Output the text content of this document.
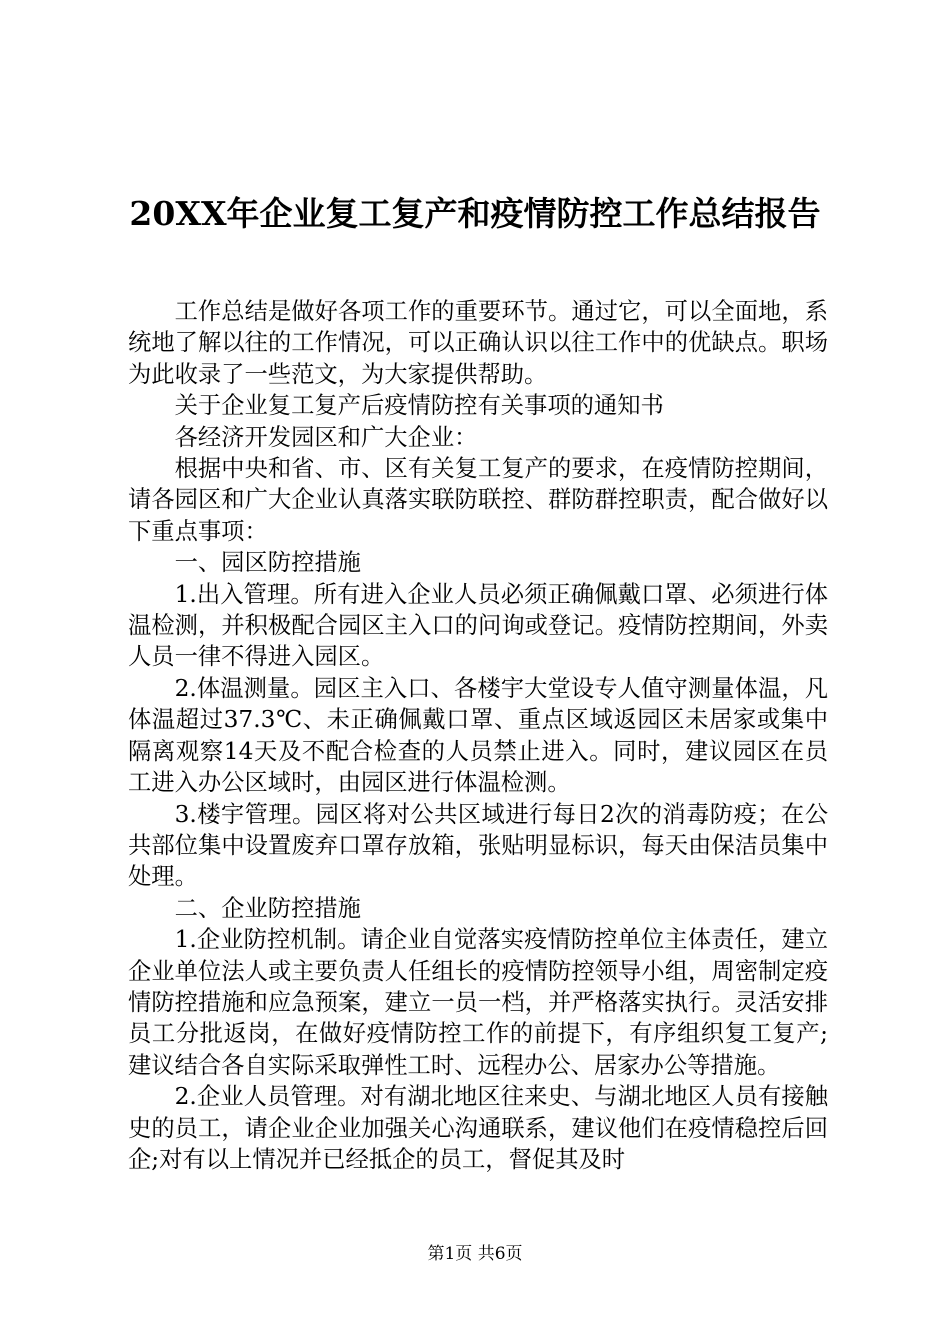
20XX年企业复工复产和疫情防控工作总结报告

工作总结是做好各项工作的重要环节。通过它，可以全面地，系统地了解以往的工作情况，可以正确认识以往工作中的优缺点。职场为此收录了一些范文，为大家提供帮助。

关于企业复工复产后疫情防控有关事项的通知书

各经济开发园区和广大企业：

根据中央和省、市、区有关复工复产的要求，在疫情防控期间，请各园区和广大企业认真落实联防联控、群防群控职责，配合做好以下重点事项：

一、园区防控措施

1.出入管理。所有进入企业人员必须正确佩戴口罩、必须进行体温检测，并积极配合园区主入口的问询或登记。疫情防控期间，外卖人员一律不得进入园区。

2.体温测量。园区主入口、各楼宇大堂设专人值守测量体温，凡体温超过37.3℃、未正确佩戴口罩、重点区域返园区未居家或集中隔离观察14天及不配合检查的人员禁止进入。同时，建议园区在员工进入办公区域时，由园区进行体温检测。

3.楼宇管理。园区将对公共区域进行每日2次的消毒防疫；在公共部位集中设置废弃口罩存放箱，张贴明显标识，每天由保洁员集中处理。

二、企业防控措施

1.企业防控机制。请企业自觉落实疫情防控单位主体责任，建立企业单位法人或主要负责人任组长的疫情防控领导小组，周密制定疫情防控措施和应急预案，建立一员一档，并严格落实执行。灵活安排员工分批返岗，在做好疫情防控工作的前提下，有序组织复工复产;建议结合各自实际采取弹性工时、远程办公、居家办公等措施。

2.企业人员管理。对有湖北地区往来史、与湖北地区人员有接触史的员工，请企业企业加强关心沟通联系，建议他们在疫情稳控后回企;对有以上情况并已经抵企的员工，督促其及时

第1页 共6页
